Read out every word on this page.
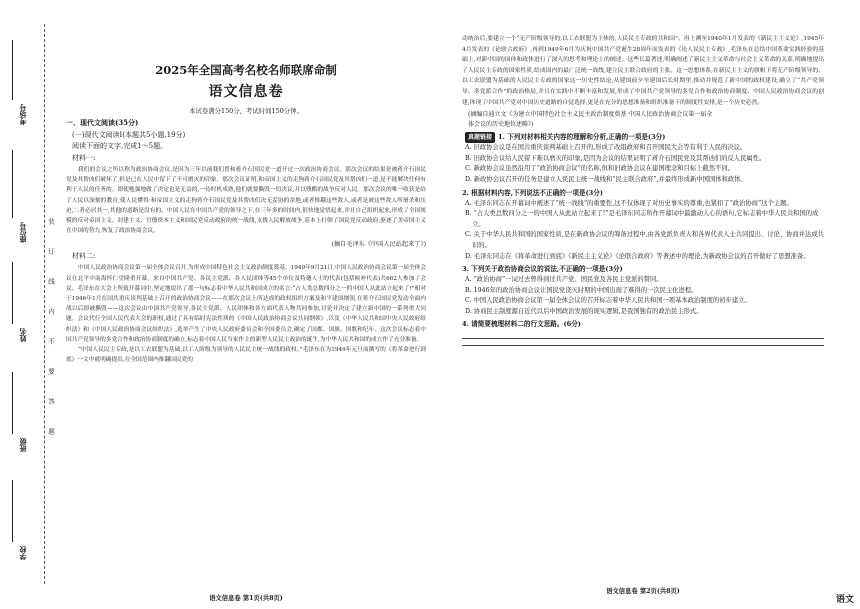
考场号
座位号
姓名
班级
学校
装
订
线
内
不
要
答
题

2025年全国高考名校名师联席命制

语文信息卷

本试卷满分150分，考试时间150分钟。

一、现代文阅读(35分)

(一)现代文阅读Ⅰ(本题共5小题,19分)

阅读下面的文字,完成1～5题。

材料一:

我们的会议之所以称为政治协商会议,是因为三年以前我们曾和蒋介石国民党一道开过一次政治协商会议。那次会议的结果是被蒋介石国民党及其帮凶们破坏了,但是已在人民中留下了不可磨灭的印象。那次会议证明,和帝国主义的走狗蒋介石国民党及其帮凶们一道,是不能解决任何有利于人民的任务的。即使勉强地做了决定也是无益的,一待时机成熟,他们就要撕毁一切决议,并以残酷的战争反对人民。那次会议的唯一收获是给了人民以深刻的教育,使人民懂得:和帝国主义的走狗蒋介石国民党及其帮凶们决无妥协的余地,或者推翻这些敌人,或者是被这些敌人所屠杀和压迫,二者必居其一,其他的道路是没有的。中国人民在中国共产党的领导之下,在三年多的时间内,很快地觉悟起来,并且自己组织起来,形成了全国规模的反对帝国主义、封建主义、官僚资本主义和国民党反动政府的统一战线,支援人民解放战争,基本上打倒了国民党反动政府,驱逐了美帝国主义在中国的势力,恢复了政治协商会议。

(摘自毛泽东《中国人民站起来了》)

材料二:

中国人民政治协商会议第一届全体会议召开,为形成中国特色社会主义政治制度奠基。1949年9月21日,中国人民政治协商会议第一届全体会议在北平中南海怀仁堂隆重开幕。来自中国共产党、各民主党派、各人民团体等45个单位及特邀人士的代表(包括候补代表)共662人参加了会议。毛泽东在大会上所致开幕词中,坚定地说出了那一句标志着中华人民共和国成立的名言:“占人类总数四分之一的中国人从此站立起来了!”相对于1946年1月在国共重庆谈判基础上召开的政治协商会议——在那次会议上所达成的政权组织方案及和平建国纲领,在蒋介石国民党发动全面内战以后即被撕毁——这次会议由中国共产党领导,各民主党派、人民团体和各方面代表人物共同参加,讨论并决定了建立新中国的一系列重大问题。会议代行全国人民代表大会的职权,通过了具有临时宪法性质的《中国人民政治协商会议共同纲领》,以及《中华人民共和国中央人民政府组织法》和《中国人民政治协商会议组织法》,选举产生了中央人民政府委员会和全国委员会,确定了国都、国旗、国歌和纪年。这次会议标志着中国共产党领导的多党合作和政治协商制度的确立,标志着中国人民当家作主的新型人民民主政治的诞生,为中华人民共和国的成立作了充分准备。

“中国人民民主专政,是以工农联盟为基础,以工人阶级为领导的人民民主统一战线的政权。”毛泽东在为1949年元旦而撰写的《将革命进行到底》一文中就明确提出,在全国范围内推翻国民党的

语文信息卷 第1页(共8页)

动统治后,要建立一个“无产阶级领导的,以工农联盟为主体的,人民民主专政的共和国”。再上溯至1940年1月发表的《新民主主义论》,1945年4月发表的《论联合政府》,再到1949年6月为庆祝中国共产党诞生28周年而发表的《论人民民主专政》,毛泽东在总结中国革命实践经验的基础上,对新中国的国体和政体进行了深入的思考和理论上的阐述。这些长篇著述,明确阐述了新民主主义革命与社会主义革命的关系,明确地提出了人民民主专政的国家性质,结成国内的最广泛统一战线,建立民主联合政府的主张。这一思想体系,在新民主主义的旗帜下将无产阶级领导的、以工农联盟为基础的人民民主专政的国家这一历史性结论,从建国前夕至建国后长时期里,推动并规范了新中国的政权建设,确立了“共产党领导、多党派合作”的政治格局,并且在实践中不断丰富和发展,形成了中国共产党领导的多党合作和政治协商制度。中国人民政治协商会议的创建,体现了中国共产党对中国历史道路的自觉选择,更是在充分的思想准备和组织准备下的制度性安排,是一个历史必然。

(摘编自迪立文《为建立中国特色社会主义民主政治制度奠基 中国人民政治协商会议第一届全
体会议的历史地位述略》)

真题链接 1. 下列对材料相关内容的理解和分析,正确的一项是(3分)

A. 旧政协会议是在国共重庆谈判基础上召开的,形成了改组政府和召开国民大会等有利于人民的决议。

B. 旧政协会议给人民留下难以磨灭的印象,是因为会议的结果证明了蒋介石国民党及其帮凶们的反人民属性。

C. 新政协会议虽然沿用了“政治协商会议”的名称,但和旧政协会议在建国理念和目标上截然不同。

D. 新政协会议召开的任务是建立人民民主统一战线和“民主联合政府”,并最终形成新中国国体和政体。

2. 根据材料内容,下列说法不正确的一项是(3分)

A. 毛泽东同志在开幕词中阐述了“统一战线”的重要性,这不仅体现了对历史事实的尊重,也紧扣了“政治协商”这个主题。

B. “占人类总数四分之一的中国人从此站立起来了!”是毛泽东同志所作开幕词中最激动人心的语句,它标志着中华人民共和国的成立。

C. 关于中华人民共和国的国家性质,是在新政协会议的筹备过程中,由各党派负责人和各界代表人士共同提出、讨论、协商并达成共识的。

D. 毛泽东同志在《将革命进行到底》《新民主主义论》《论联合政府》等著述中的理论,为新政协会议的召开做好了思想准备。

3. 下列关于政治协商会议的说法,不正确的一项是(3分)

A. “政治协商”一词过去曾得到过共产党、国民党及各民主党派的赞同。

B. 1946年的政治协商会议让国民党浇灭时期的中国出现了难得的一次民主化进程。

C. 中国人民政治协商会议第一届全体会议的召开标志着中华人民共和国一项基本政治制度的初步建立。

D. 协商民主制度源自近代以后中国政治发展的现实逻辑,是我国独有的政治民主形式。

4. 请简要梳理材料二的行文思路。(6分)

语文信息卷 第2页(共8页)
语文
